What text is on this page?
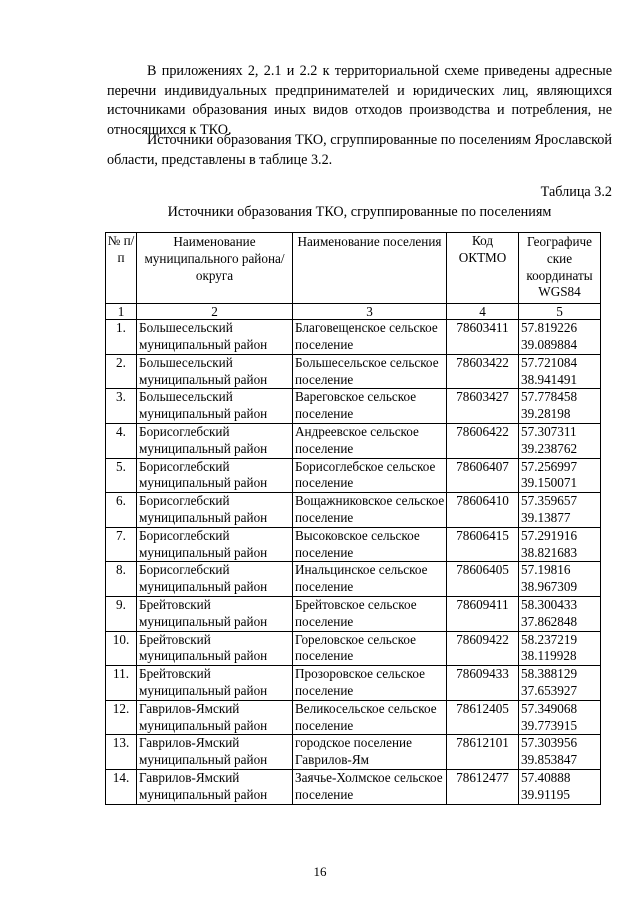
В приложениях 2, 2.1 и 2.2 к территориальной схеме приведены адресные перечни индивидуальных предпринимателей и юридических лиц, являющихся источниками образования иных видов отходов производства и потребления, не относящихся к ТКО.

Источники образования ТКО, сгруппированные по поселениям Ярославской области, представлены в таблице 3.2.

Таблица 3.2

Источники образования ТКО, сгруппированные по поселениям

№ п/п	Наименование муниципального района/округа	Наименование поселения	Код ОКТМО	Географиче ские координаты WGS84
1	2	3	4	5
1.	Большесельский муниципальный район	Благовещенское сельское поселение	78603411	57.819226
39.089884

2.	Большесельский муниципальный район	Большесельское сельское поселение	78603422	57.721084
38.941491

3.	Большесельский муниципальный район	Вареговское сельское поселение	78603427	57.778458
39.28198

4.	Борисоглебский муниципальный район	Андреевское сельское поселение	78606422	57.307311
39.238762

5.	Борисоглебский муниципальный район	Борисоглебское сельское поселение	78606407	57.256997
39.150071

6.	Борисоглебский муниципальный район	Вощажниковское сельское поселение	78606410	57.359657
39.13877

7.	Борисоглебский муниципальный район	Высоковское сельское поселение	78606415	57.291916
38.821683

8.	Борисоглебский муниципальный район	Инальцинское сельское поселение	78606405	57.19816
38.967309

9.	Брейтовский муниципальный район	Брейтовское сельское поселение	78609411	58.300433
37.862848

10.	Брейтовский муниципальный район	Гореловское сельское поселение	78609422	58.237219
38.119928

11.	Брейтовский муниципальный район	Прозоровское сельское поселение	78609433	58.388129
37.653927

12.	Гаврилов-Ямский муниципальный район	Великосельское сельское поселение	78612405	57.349068
39.773915

13.	Гаврилов-Ямский муниципальный район	городское поселение Гаврилов-Ям	78612101	57.303956
39.853847

14.	Гаврилов-Ямский муниципальный район	Заячье-Холмское сельское поселение	78612477	57.40888
39.91195

16
